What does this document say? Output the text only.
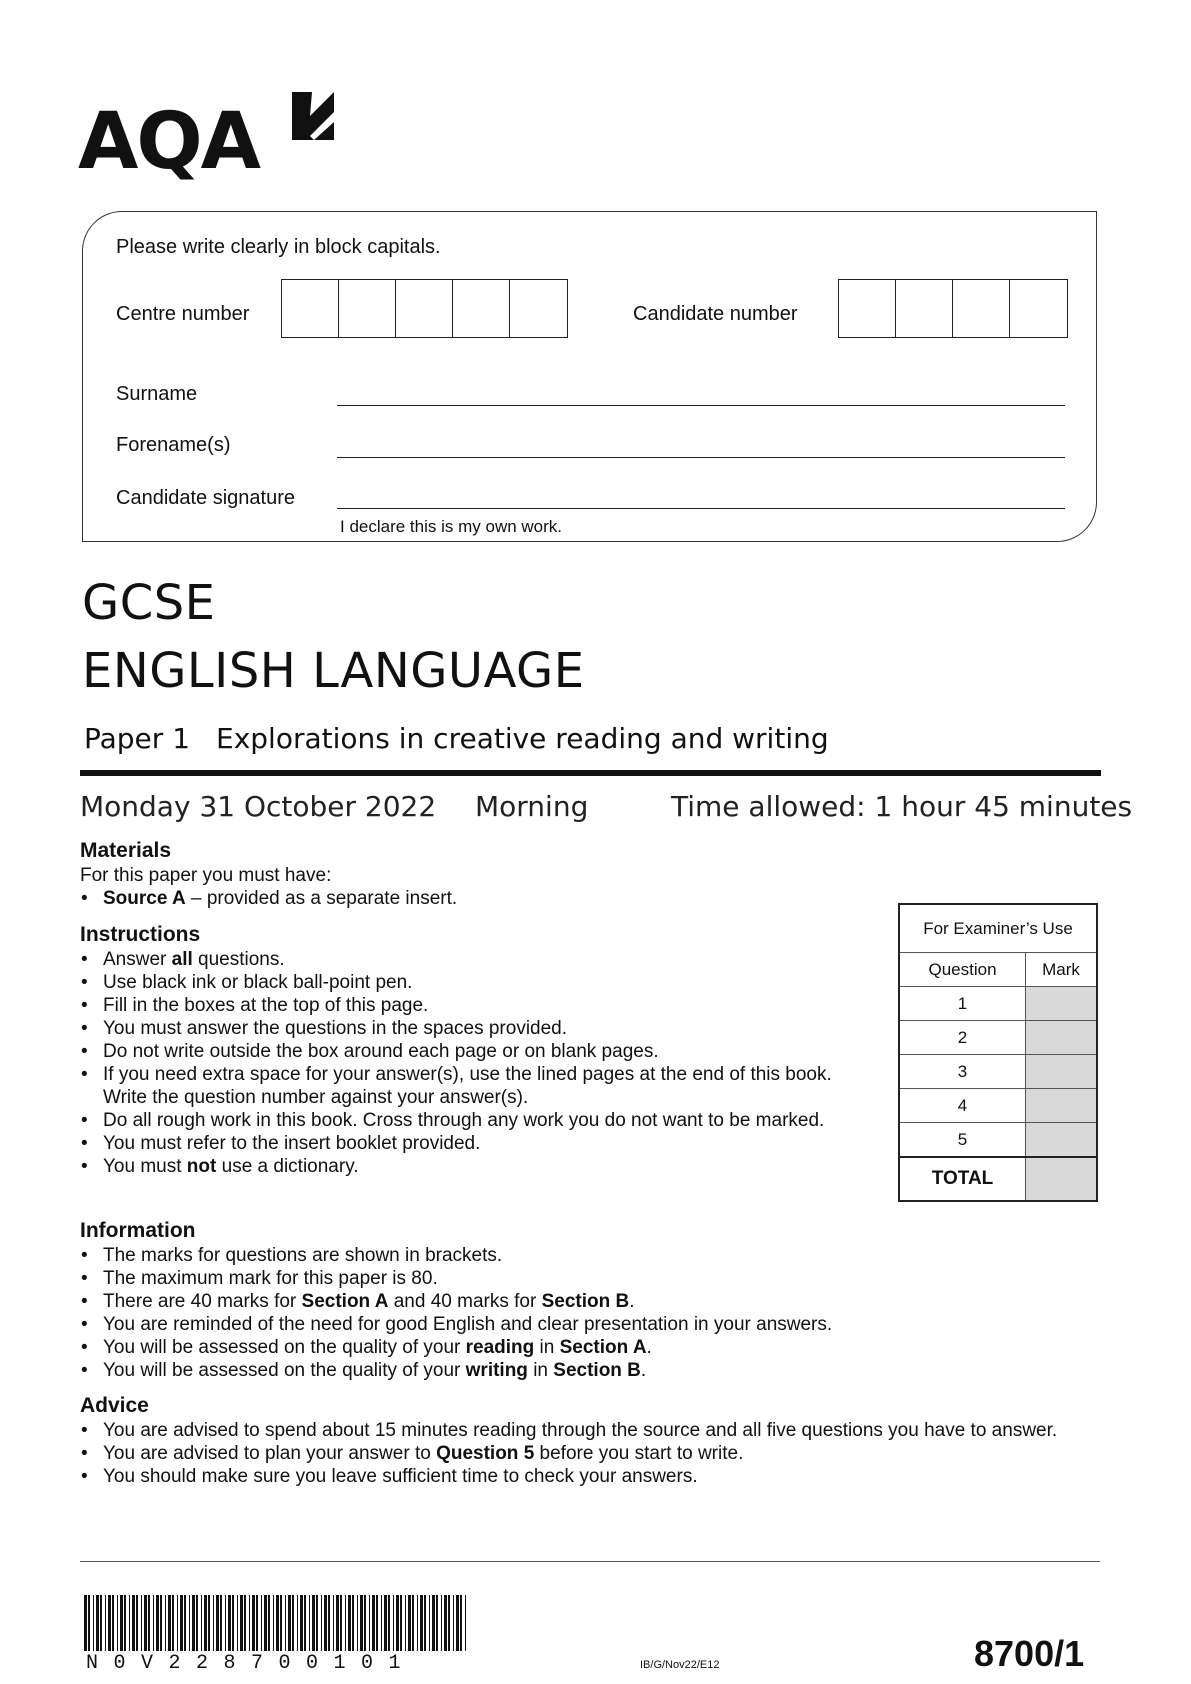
AQA
Please write clearly in block capitals.
Centre number	Candidate number
Surname
Forename(s)
Candidate signature
I declare this is my own work.
GCSE
ENGLISH LANGUAGE
Paper 1 Explorations in creative reading and writing
Monday 31 October 2022 Morning	Time allowed: 1 hour 45 minutes
Materials
For this paper you must have:
• Source A – provided as a separate insert.
Instructions
• Answer all questions.
• Use black ink or black ball-point pen.
• Fill in the boxes at the top of this page.
• You must answer the questions in the spaces provided.
• Do not write outside the box around each page or on blank pages.
• If you need extra space for your answer(s), use the lined pages at the end of this book. Write the question number against your answer(s).
• Do all rough work in this book. Cross through any work you do not want to be marked.
• You must refer to the insert booklet provided.
• You must not use a dictionary.
Information
• The marks for questions are shown in brackets.
• The maximum mark for this paper is 80.
• There are 40 marks for Section A and 40 marks for Section B.
• You are reminded of the need for good English and clear presentation in your answers.
• You will be assessed on the quality of your reading in Section A.
• You will be assessed on the quality of your writing in Section B.
Advice
• You are advised to spend about 15 minutes reading through the source and all five questions you have to answer.
• You are advised to plan your answer to Question 5 before you start to write.
• You should make sure you leave sufficient time to check your answers.
For Examiner’s Use	
Question	Mark
1	
2	
3	
4	
5	
TOTAL	
N0V228700101	IB/G/Nov22/E12	8700/1
